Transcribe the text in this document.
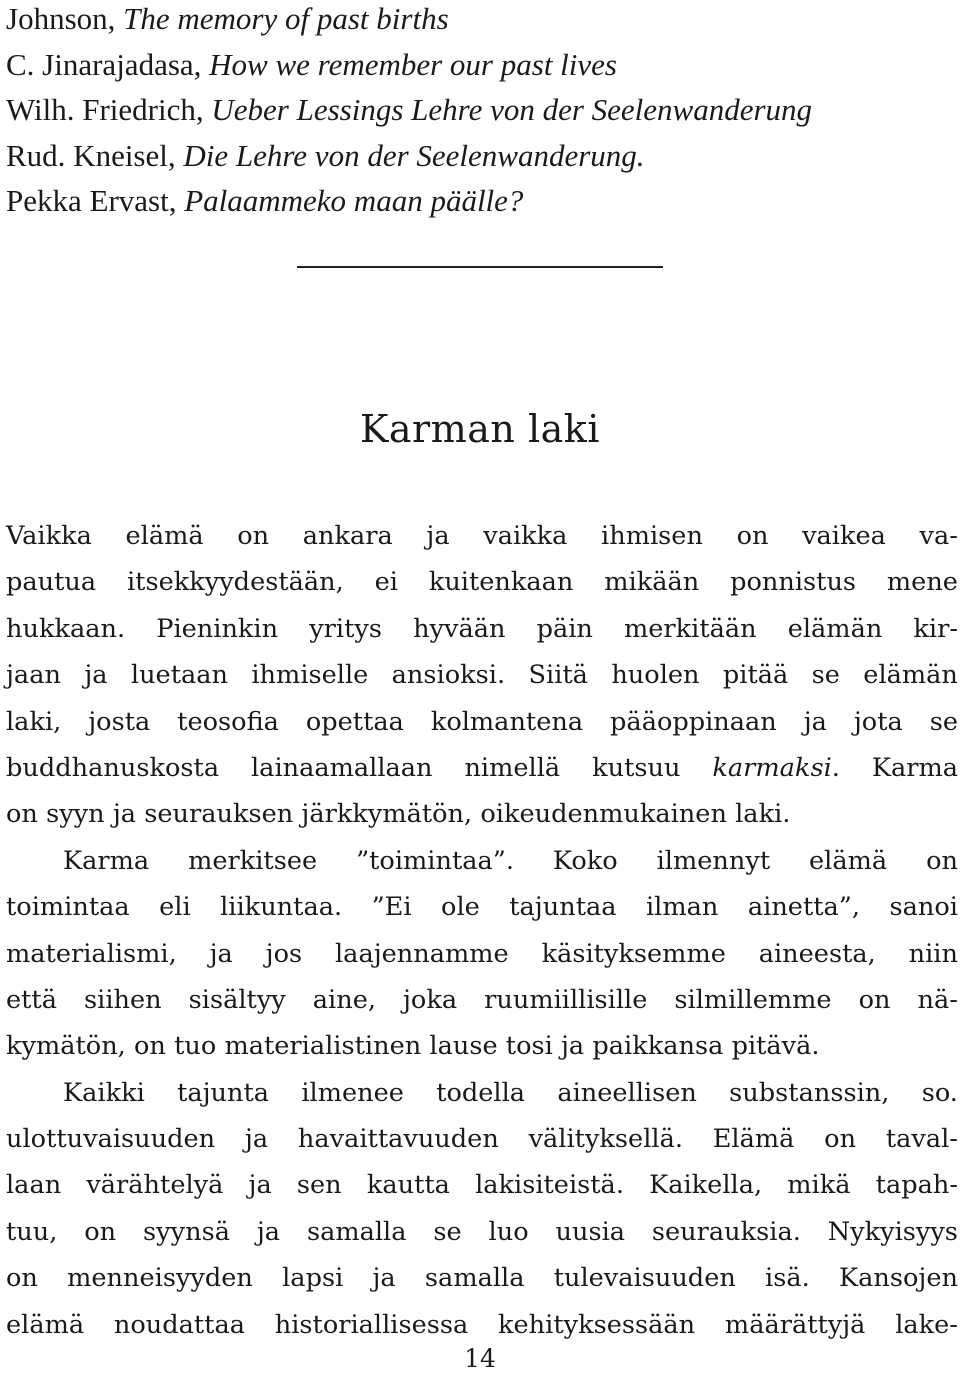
Johnson, The memory of past births
C. Jinarajadasa, How we remember our past lives
Wilh. Friedrich, Ueber Lessings Lehre von der Seelenwanderung
Rud. Kneisel, Die Lehre von der Seelenwanderung.
Pekka Ervast, Palaammeko maan päälle?
Karman laki
Vaikka elämä on ankara ja vaikka ihmisen on vaikea va-
pautua itsekkyydestään, ei kuitenkaan mikään ponnistus mene
hukkaan. Pieninkin yritys hyvään päin merkitään elämän kir-
jaan ja luetaan ihmiselle ansioksi. Siitä huolen pitää se elämän
laki, josta teosofia opettaa kolmantena pääoppinaan ja jota se
buddhanuskosta lainaamallaan nimellä kutsuu karmaksi. Karma
on syyn ja seurauksen järkkymätön, oikeudenmukainen laki.
Karma merkitsee ”toimintaa”. Koko ilmennyt elämä on
toimintaa eli liikuntaa. ”Ei ole tajuntaa ilman ainetta”, sanoi
materialismi, ja jos laajennamme käsityksemme aineesta, niin
että siihen sisältyy aine, joka ruumiillisille silmillemme on nä-
kymätön, on tuo materialistinen lause tosi ja paikkansa pitävä.
Kaikki tajunta ilmenee todella aineellisen substanssin, so.
ulottuvaisuuden ja havaittavuuden välityksellä. Elämä on taval-
laan värähtelyä ja sen kautta lakisiteistä. Kaikella, mikä tapah-
tuu, on syynsä ja samalla se luo uusia seurauksia. Nykyisyys
on menneisyyden lapsi ja samalla tulevaisuuden isä. Kansojen
elämä noudattaa historiallisessa kehityksessään määrättyjä lake-

14
